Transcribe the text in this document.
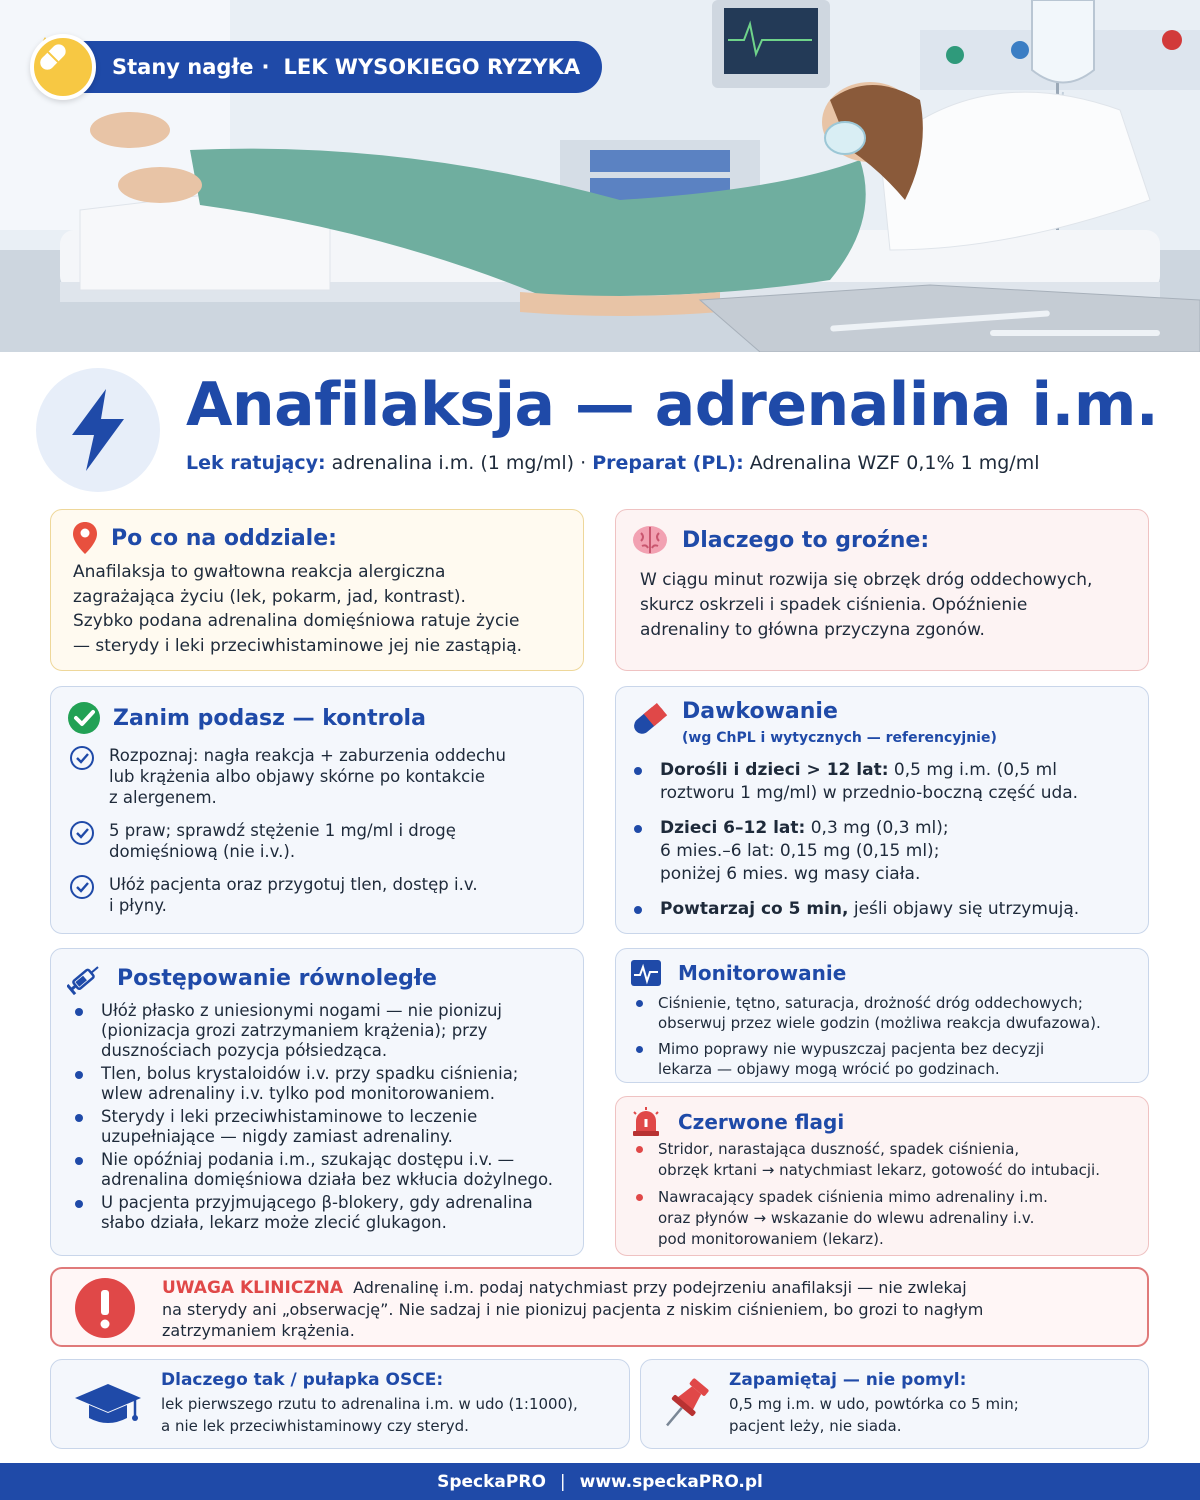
Stany nagłe · LEK WYSOKIEGO RYZYKA
Anafilaksja — adrenalina i.m.
Lek ratujący: adrenalina i.m. (1 mg/ml) · Preparat (PL): Adrenalina WZF 0,1% 1 mg/ml
Po co na oddziale:
Anafilaksja to gwałtowna reakcja alergiczna
zagrażająca życiu (lek, pokarm, jad, kontrast).
Szybko podana adrenalina domięśniowa ratuje życie
— sterydy i leki przeciwhistaminowe jej nie zastąpią.
Dlaczego to groźne:
W ciągu minut rozwija się obrzęk dróg oddechowych,
skurcz oskrzeli i spadek ciśnienia. Opóźnienie
adrenaliny to główna przyczyna zgonów.
Zanim podasz — kontrola
Rozpoznaj: nagła reakcja + zaburzenia oddechu
lub krążenia albo objawy skórne po kontakcie
z alergenem.
5 praw; sprawdź stężenie 1 mg/ml i drogę
domięśniową (nie i.v.).
Ułóż pacjenta oraz przygotuj tlen, dostęp i.v.
i płyny.
Dawkowanie
(wg ChPL i wytycznych — referencyjnie)
Dorośli i dzieci > 12 lat: 0,5 mg i.m. (0,5 ml
roztworu 1 mg/ml) w przednio-boczną część uda.
Dzieci 6–12 lat: 0,3 mg (0,3 ml);
6 mies.–6 lat: 0,15 mg (0,15 ml);
poniżej 6 mies. wg masy ciała.
Powtarzaj co 5 min, jeśli objawy się utrzymują.
Postępowanie równoległe
Ułóż płasko z uniesionymi nogami — nie pionizuj
(pionizacja grozi zatrzymaniem krążenia); przy
dusznościach pozycja półsiedząca.
Tlen, bolus krystaloidów i.v. przy spadku ciśnienia;
wlew adrenaliny i.v. tylko pod monitorowaniem.
Sterydy i leki przeciwhistaminowe to leczenie
uzupełniające — nigdy zamiast adrenaliny.
Nie opóźniaj podania i.m., szukając dostępu i.v. —
adrenalina domięśniowa działa bez wkłucia dożylnego.
U pacjenta przyjmującego β-blokery, gdy adrenalina
słabo działa, lekarz może zlecić glukagon.
Monitorowanie
Ciśnienie, tętno, saturacja, drożność dróg oddechowych;
obserwuj przez wiele godzin (możliwa reakcja dwufazowa).
Mimo poprawy nie wypuszczaj pacjenta bez decyzji
lekarza — objawy mogą wrócić po godzinach.
Czerwone flagi
Stridor, narastająca duszność, spadek ciśnienia,
obrzęk krtani → natychmiast lekarz, gotowość do intubacji.
Nawracający spadek ciśnienia mimo adrenaliny i.m.
oraz płynów → wskazanie do wlewu adrenaliny i.v.
pod monitorowaniem (lekarz).
UWAGA KLINICZNA Adrenalinę i.m. podaj natychmiast przy podejrzeniu anafilaksji — nie zwlekaj
na sterydy ani „obserwację”. Nie sadzaj i nie pionizuj pacjenta z niskim ciśnieniem, bo grozi to nagłym
zatrzymaniem krążenia.
Dlaczego tak / pułapka OSCE:
lek pierwszego rzutu to adrenalina i.m. w udo (1:1000),
a nie lek przeciwhistaminowy czy steryd.
Zapamiętaj — nie pomyl:
0,5 mg i.m. w udo, powtórka co 5 min;
pacjent leży, nie siada.
SpeckaPRO | www.speckaPRO.pl
